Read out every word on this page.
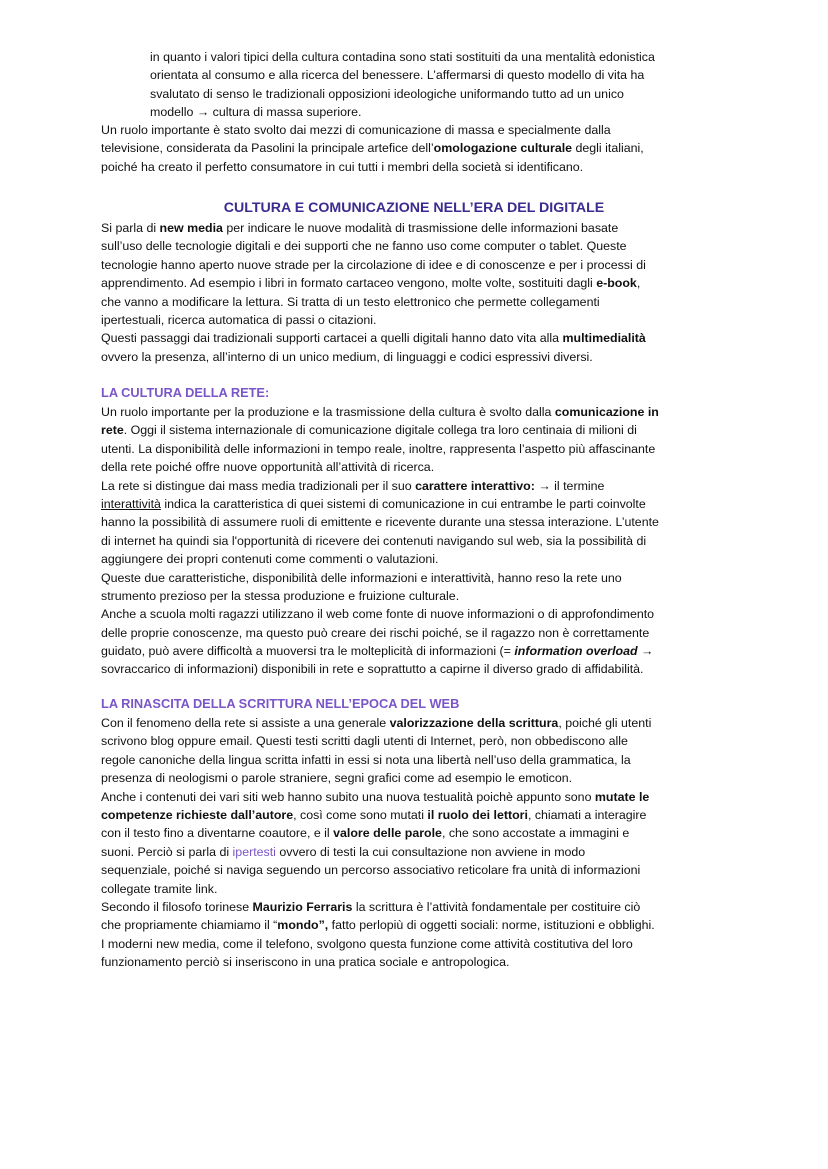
in quanto i valori tipici della cultura contadina sono stati sostituiti da una mentalità edonistica
orientata al consumo e alla ricerca del benessere. L’affermarsi di questo modello di vita ha
svalutato di senso le tradizionali opposizioni ideologiche uniformando tutto ad un unico
modello → cultura di massa superiore.
Un ruolo importante è stato svolto dai mezzi di comunicazione di massa e specialmente dalla
televisione, considerata da Pasolini la principale artefice dell’omologazione culturale degli italiani,
poiché ha creato il perfetto consumatore in cui tutti i membri della società si identificano.
CULTURA E COMUNICAZIONE NELL’ERA DEL DIGITALE
Si parla di new media per indicare le nuove modalità di trasmissione delle informazioni basate
sull’uso delle tecnologie digitali e dei supporti che ne fanno uso come computer o tablet. Queste
tecnologie hanno aperto nuove strade per la circolazione di idee e di conoscenze e per i processi di
apprendimento. Ad esempio i libri in formato cartaceo vengono, molte volte, sostituiti dagli e-book,
che vanno a modificare la lettura. Si tratta di un testo elettronico che permette collegamenti
ipertestuali, ricerca automatica di passi o citazioni.
Questi passaggi dai tradizionali supporti cartacei a quelli digitali hanno dato vita alla multimedialità
ovvero la presenza, all’interno di un unico medium, di linguaggi e codici espressivi diversi.
LA CULTURA DELLA RETE:
Un ruolo importante per la produzione e la trasmissione della cultura è svolto dalla comunicazione in
rete. Oggi il sistema internazionale di comunicazione digitale collega tra loro centinaia di milioni di
utenti. La disponibilità delle informazioni in tempo reale, inoltre, rappresenta l’aspetto più affascinante
della rete poiché offre nuove opportunità all’attività di ricerca.
La rete si distingue dai mass media tradizionali per il suo carattere interattivo: → il termine
interattività indica la caratteristica di quei sistemi di comunicazione in cui entrambe le parti coinvolte
hanno la possibilità di assumere ruoli di emittente e ricevente durante una stessa interazione. L’utente
di internet ha quindi sia l'opportunità di ricevere dei contenuti navigando sul web, sia la possibilità di
aggiungere dei propri contenuti come commenti o valutazioni.
Queste due caratteristiche, disponibilità delle informazioni e interattività, hanno reso la rete uno
strumento prezioso per la stessa produzione e fruizione culturale.
Anche a scuola molti ragazzi utilizzano il web come fonte di nuove informazioni o di approfondimento
delle proprie conoscenze, ma questo può creare dei rischi poiché, se il ragazzo non è correttamente
guidato, può avere difficoltà a muoversi tra le molteplicità di informazioni (= information overload →
sovraccarico di informazioni) disponibili in rete e soprattutto a capirne il diverso grado di affidabilità.
LA RINASCITA DELLA SCRITTURA NELL’EPOCA DEL WEB
Con il fenomeno della rete si assiste a una generale valorizzazione della scrittura, poiché gli utenti
scrivono blog oppure email. Questi testi scritti dagli utenti di Internet, però, non obbediscono alle
regole canoniche della lingua scritta infatti in essi si nota una libertà nell’uso della grammatica, la
presenza di neologismi o parole straniere, segni grafici come ad esempio le emoticon.
Anche i contenuti dei vari siti web hanno subito una nuova testualità poichè appunto sono mutate le
competenze richieste dall’autore, così come sono mutati il ruolo dei lettori, chiamati a interagire
con il testo fino a diventarne coautore, e il valore delle parole, che sono accostate a immagini e
suoni. Perciò si parla di ipertesti ovvero di testi la cui consultazione non avviene in modo
sequenziale, poiché si naviga seguendo un percorso associativo reticolare fra unità di informazioni
collegate tramite link.
Secondo il filosofo torinese Maurizio Ferraris la scrittura è l’attività fondamentale per costituire ciò
che propriamente chiamiamo il “mondo”, fatto perlopiù di oggetti sociali: norme, istituzioni e obblighi.
I moderni new media, come il telefono, svolgono questa funzione come attività costitutiva del loro
funzionamento perciò si inseriscono in una pratica sociale e antropologica.
